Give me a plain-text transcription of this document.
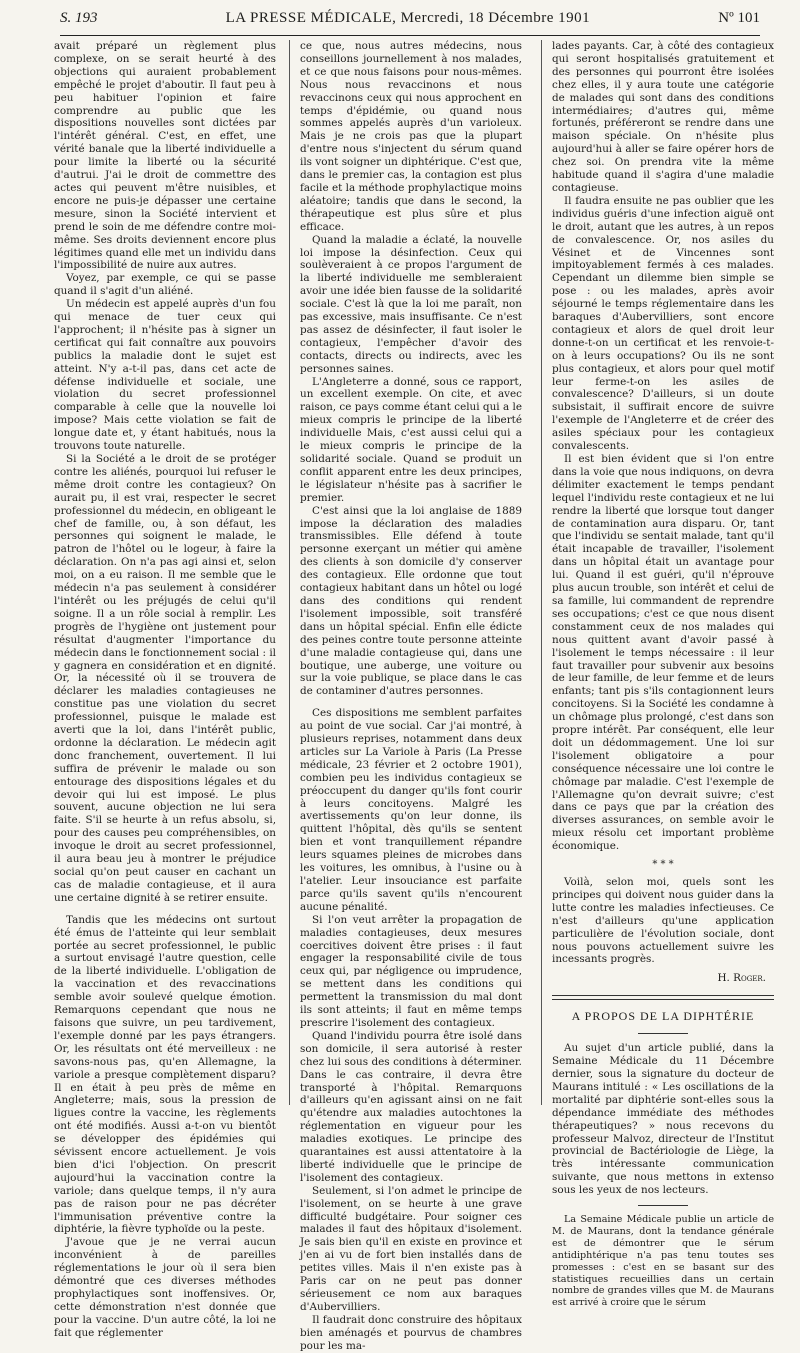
S. 193	LA PRESSE MÉDICALE, Mercredi, 18 Décembre 1901	Nº 101

avait préparé un règlement plus complexe, on se serait heurté à des objections qui auraient probablement empêché le projet d'aboutir. Il faut peu à peu habituer l'opinion et faire comprendre au public que les dispositions nouvelles sont dictées par l'intérêt général. C'est, en effet, une vérité banale que la liberté individuelle a pour limite la liberté ou la sécurité d'autrui. J'ai le droit de commettre des actes qui peuvent m'être nuisibles, et encore ne puis-je dépasser une certaine mesure, sinon la Société intervient et prend le soin de me défendre contre moi-même. Ses droits deviennent encore plus légitimes quand elle met un individu dans l'impossibilité de nuire aux autres.

Voyez, par exemple, ce qui se passe quand il s'agit d'un aliéné.

Un médecin est appelé auprès d'un fou qui menace de tuer ceux qui l'approchent; il n'hésite pas à signer un certificat qui fait connaître aux pouvoirs publics la maladie dont le sujet est atteint. N'y a-t-il pas, dans cet acte de défense individuelle et sociale, une violation du secret professionnel comparable à celle que la nouvelle loi impose? Mais cette violation se fait de longue date et, y étant habitués, nous la trouvons toute naturelle.

Si la Société a le droit de se protéger contre les aliénés, pourquoi lui refuser le même droit contre les contagieux? On aurait pu, il est vrai, respecter le secret professionnel du médecin, en obligeant le chef de famille, ou, à son défaut, les personnes qui soignent le malade, le patron de l'hôtel ou le logeur, à faire la déclaration. On n'a pas agi ainsi et, selon moi, on a eu raison. Il me semble que le médecin n'a pas seulement à considérer l'intérêt ou les préjugés de celui qu'il soigne. Il a un rôle social à remplir. Les progrès de l'hygiène ont justement pour résultat d'augmenter l'importance du médecin dans le fonctionnement social : il y gagnera en considération et en dignité. Or, la nécessité où il se trouvera de déclarer les maladies contagieuses ne constitue pas une violation du secret professionnel, puisque le malade est averti que la loi, dans l'intérêt public, ordonne la déclaration. Le médecin agit donc franchement, ouvertement. Il lui suffira de prévenir le malade ou son entourage des dispositions légales et du devoir qui lui est imposé. Le plus souvent, aucune objection ne lui sera faite. S'il se heurte à un refus absolu, si, pour des causes peu compréhensibles, on invoque le droit au secret professionnel, il aura beau jeu à montrer le préjudice social qu'on peut causer en cachant un cas de maladie contagieuse, et il aura une certaine dignité à se retirer ensuite.

Tandis que les médecins ont surtout été émus de l'atteinte qui leur semblait portée au secret professionnel, le public a surtout envisagé l'autre question, celle de la liberté individuelle. L'obligation de la vaccination et des revaccinations semble avoir soulevé quelque émotion. Remarquons cependant que nous ne faisons que suivre, un peu tardivement, l'exemple donné par les pays étrangers. Or, les résultats ont été merveilleux : ne savons-nous pas, qu'en Allemagne, la variole a presque complètement disparu? Il en était à peu près de même en Angleterre; mais, sous la pression de ligues contre la vaccine, les règlements ont été modifiés. Aussi a-t-on vu bientôt se développer des épidémies qui sévissent encore actuellement. Je vois bien d'ici l'objection. On prescrit aujourd'hui la vaccination contre la variole; dans quelque temps, il n'y aura pas de raison pour ne pas décréter l'immunisation préventive contre la diphtérie, la fièvre typhoïde ou la peste.

J'avoue que je ne verrai aucun inconvénient à de pareilles réglementations le jour où il sera bien démontré que ces diverses méthodes prophylactiques sont inoffensives. Or, cette démonstration n'est donnée que pour la vaccine. D'un autre côté, la loi ne fait que réglementer

ce que, nous autres médecins, nous conseillons journellement à nos malades, et ce que nous faisons pour nous-mêmes. Nous nous revaccinons et nous revaccinons ceux qui nous approchent en temps d'épidémie, ou quand nous sommes appelés auprès d'un varioleux. Mais je ne crois pas que la plupart d'entre nous s'injectent du sérum quand ils vont soigner un diphtérique. C'est que, dans le premier cas, la contagion est plus facile et la méthode prophylactique moins aléatoire; tandis que dans le second, la thérapeutique est plus sûre et plus efficace.

Quand la maladie a éclaté, la nouvelle loi impose la désinfection. Ceux qui soulèveraient à ce propos l'argument de la liberté individuelle me sembleraient avoir une idée bien fausse de la solidarité sociale. C'est là que la loi me paraît, non pas excessive, mais insuffisante. Ce n'est pas assez de désinfecter, il faut isoler le contagieux, l'empêcher d'avoir des contacts, directs ou indirects, avec les personnes saines.

L'Angleterre a donné, sous ce rapport, un excellent exemple. On cite, et avec raison, ce pays comme étant celui qui a le mieux compris le principe de la liberté individuelle Mais, c'est aussi celui qui a le mieux compris le principe de la solidarité sociale. Quand se produit un conflit apparent entre les deux principes, le législateur n'hésite pas à sacrifier le premier.

C'est ainsi que la loi anglaise de 1889 impose la déclaration des maladies transmissibles. Elle défend à toute personne exerçant un métier qui amène des clients à son domicile d'y conserver des contagieux. Elle ordonne que tout contagieux habitant dans un hôtel ou logé dans des conditions qui rendent l'isolement impossible, soit transféré dans un hôpital spécial. Enfin elle édicte des peines contre toute personne atteinte d'une maladie contagieuse qui, dans une boutique, une auberge, une voiture ou sur la voie publique, se place dans le cas de contaminer d'autres personnes.

Ces dispositions me semblent parfaites au point de vue social. Car j'ai montré, à plusieurs reprises, notamment dans deux articles sur La Variole à Paris (La Presse médicale, 23 février et 2 octobre 1901), combien peu les individus contagieux se préoccupent du danger qu'ils font courir à leurs concitoyens. Malgré les avertissements qu'on leur donne, ils quittent l'hôpital, dès qu'ils se sentent bien et vont tranquillement répandre leurs squames pleines de microbes dans les voitures, les omnibus, à l'usine ou à l'atelier. Leur insouciance est parfaite parce qu'ils savent qu'ils n'encourent aucune pénalité.

Si l'on veut arrêter la propagation de maladies contagieuses, deux mesures coercitives doivent être prises : il faut engager la responsabilité civile de tous ceux qui, par négligence ou imprudence, se mettent dans les conditions qui permettent la transmission du mal dont ils sont atteints; il faut en même temps prescrire l'isolement des contagieux.

Quand l'individu pourra être isolé dans son domicile, il sera autorisé à rester chez lui sous des conditions à déterminer. Dans le cas contraire, il devra être transporté à l'hôpital. Remarquons d'ailleurs qu'en agissant ainsi on ne fait qu'étendre aux maladies autochtones la réglementation en vigueur pour les maladies exotiques. Le principe des quarantaines est aussi attentatoire à la liberté individuelle que le principe de l'isolement des contagieux.

Seulement, si l'on admet le principe de l'isolement, on se heurte à une grave difficulté budgétaire. Pour soigner ces malades il faut des hôpitaux d'isolement. Je sais bien qu'il en existe en province et j'en ai vu de fort bien installés dans de petites villes. Mais il n'en existe pas à Paris car on ne peut pas donner sérieusement ce nom aux baraques d'Aubervilliers.

Il faudrait donc construire des hôpitaux bien aménagés et pourvus de chambres pour les ma-

lades payants. Car, à côté des contagieux qui seront hospitalisés gratuitement et des personnes qui pourront être isolées chez elles, il y aura toute une catégorie de malades qui sont dans des conditions intermédiaires; d'autres qui, même fortunés, préféreront se rendre dans une maison spéciale. On n'hésite plus aujourd'hui à aller se faire opérer hors de chez soi. On prendra vite la même habitude quand il s'agira d'une maladie contagieuse.

Il faudra ensuite ne pas oublier que les individus guéris d'une infection aiguë ont le droit, autant que les autres, à un repos de convalescence. Or, nos asiles du Vésinet et de Vincennes sont impitoyablement fermés à ces malades. Cependant un dilemme bien simple se pose : ou les malades, après avoir séjourné le temps réglementaire dans les baraques d'Aubervilliers, sont encore contagieux et alors de quel droit leur donne-t-on un certificat et les renvoie-t-on à leurs occupations? Ou ils ne sont plus contagieux, et alors pour quel motif leur ferme-t-on les asiles de convalescence? D'ailleurs, si un doute subsistait, il suffirait encore de suivre l'exemple de l'Angleterre et de créer des asiles spéciaux pour les contagieux convalescents.

Il est bien évident que si l'on entre dans la voie que nous indiquons, on devra délimiter exactement le temps pendant lequel l'individu reste contagieux et ne lui rendre la liberté que lorsque tout danger de contamination aura disparu. Or, tant que l'individu se sentait malade, tant qu'il était incapable de travailler, l'isolement dans un hôpital était un avantage pour lui. Quand il est guéri, qu'il n'éprouve plus aucun trouble, son intérêt et celui de sa famille, lui commandent de reprendre ses occupations; c'est ce que nous disent constamment ceux de nos malades qui nous quittent avant d'avoir passé à l'isolement le temps nécessaire : il leur faut travailler pour subvenir aux besoins de leur famille, de leur femme et de leurs enfants; tant pis s'ils contagionnent leurs concitoyens. Si la Société les condamne à un chômage plus prolongé, c'est dans son propre intérêt. Par conséquent, elle leur doit un dédommagement. Une loi sur l'isolement obligatoire a pour conséquence nécessaire une loi contre le chômage par maladie. C'est l'exemple de l'Allemagne qu'on devrait suivre; c'est dans ce pays que par la création des diverses assurances, on semble avoir le mieux résolu cet important problème économique.

* * *

Voilà, selon moi, quels sont les principes qui doivent nous guider dans la lutte contre les maladies infectieuses. Ce n'est d'ailleurs qu'une application particulière de l'évolution sociale, dont nous pouvons actuellement suivre les incessants progrès.

H. Roger.
A PROPOS DE LA DIPHTÉRIE

Au sujet d'un article publié, dans la Semaine Médicale du 11 Décembre dernier, sous la signature du docteur de Maurans intitulé : « Les oscillations de la mortalité par diphtérie sont-elles sous la dépendance immédiate des méthodes thérapeutiques? » nous recevons du professeur Malvoz, directeur de l'Institut provincial de Bactériologie de Liège, la très intéressante communication suivante, que nous mettons in extenso sous les yeux de nos lecteurs.

La Semaine Médicale publie un article de M. de Maurans, dont la tendance générale est de démontrer que le sérum antidiphtérique n'a pas tenu toutes ses promesses : c'est en se basant sur des statistiques recueillies dans un certain nombre de grandes villes que M. de Maurans est arrivé à croire que le sérum
